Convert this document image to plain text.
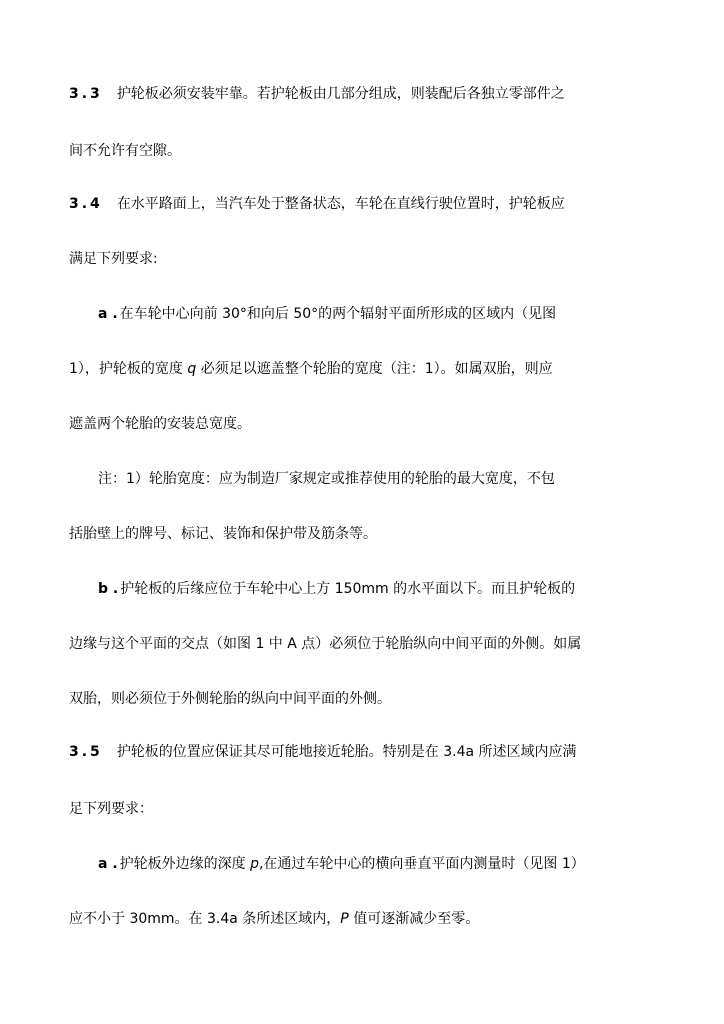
3.3 护轮板必须安装牢靠。若护轮板由几部分组成，则装配后各独立零部件之
间不允许有空隙。
3.4 在水平路面上，当汽车处于整备状态，车轮在直线行驶位置时，护轮板应
满足下列要求:
a . 在车轮中心向前 30°和向后 50°的两个辐射平面所形成的区域内（见图
1），护轮板的宽度 q 必须足以遮盖整个轮胎的宽度（注：1）。如属双胎，则应
遮盖两个轮胎的安装总宽度。
注：1）轮胎宽度：应为制造厂家规定或推荐使用的轮胎的最大宽度，不包
括胎壁上的牌号、标记、装饰和保护带及筋条等。
b . 护轮板的后缘应位于车轮中心上方 150mm 的水平面以下。而且护轮板的
边缘与这个平面的交点（如图 1 中 A 点）必须位于轮胎纵向中间平面的外侧。如属
双胎，则必须位于外侧轮胎的纵向中间平面的外侧。
3.5 护轮板的位置应保证其尽可能地接近轮胎。特别是在 3.4a 所述区域内应满
足下列要求：
a . 护轮板外边缘的深度 p,在通过车轮中心的横向垂直平面内测量时（见图 1）
应不小于 30mm。在 3.4a 条所述区域内，P 值可逐渐减少至零。
